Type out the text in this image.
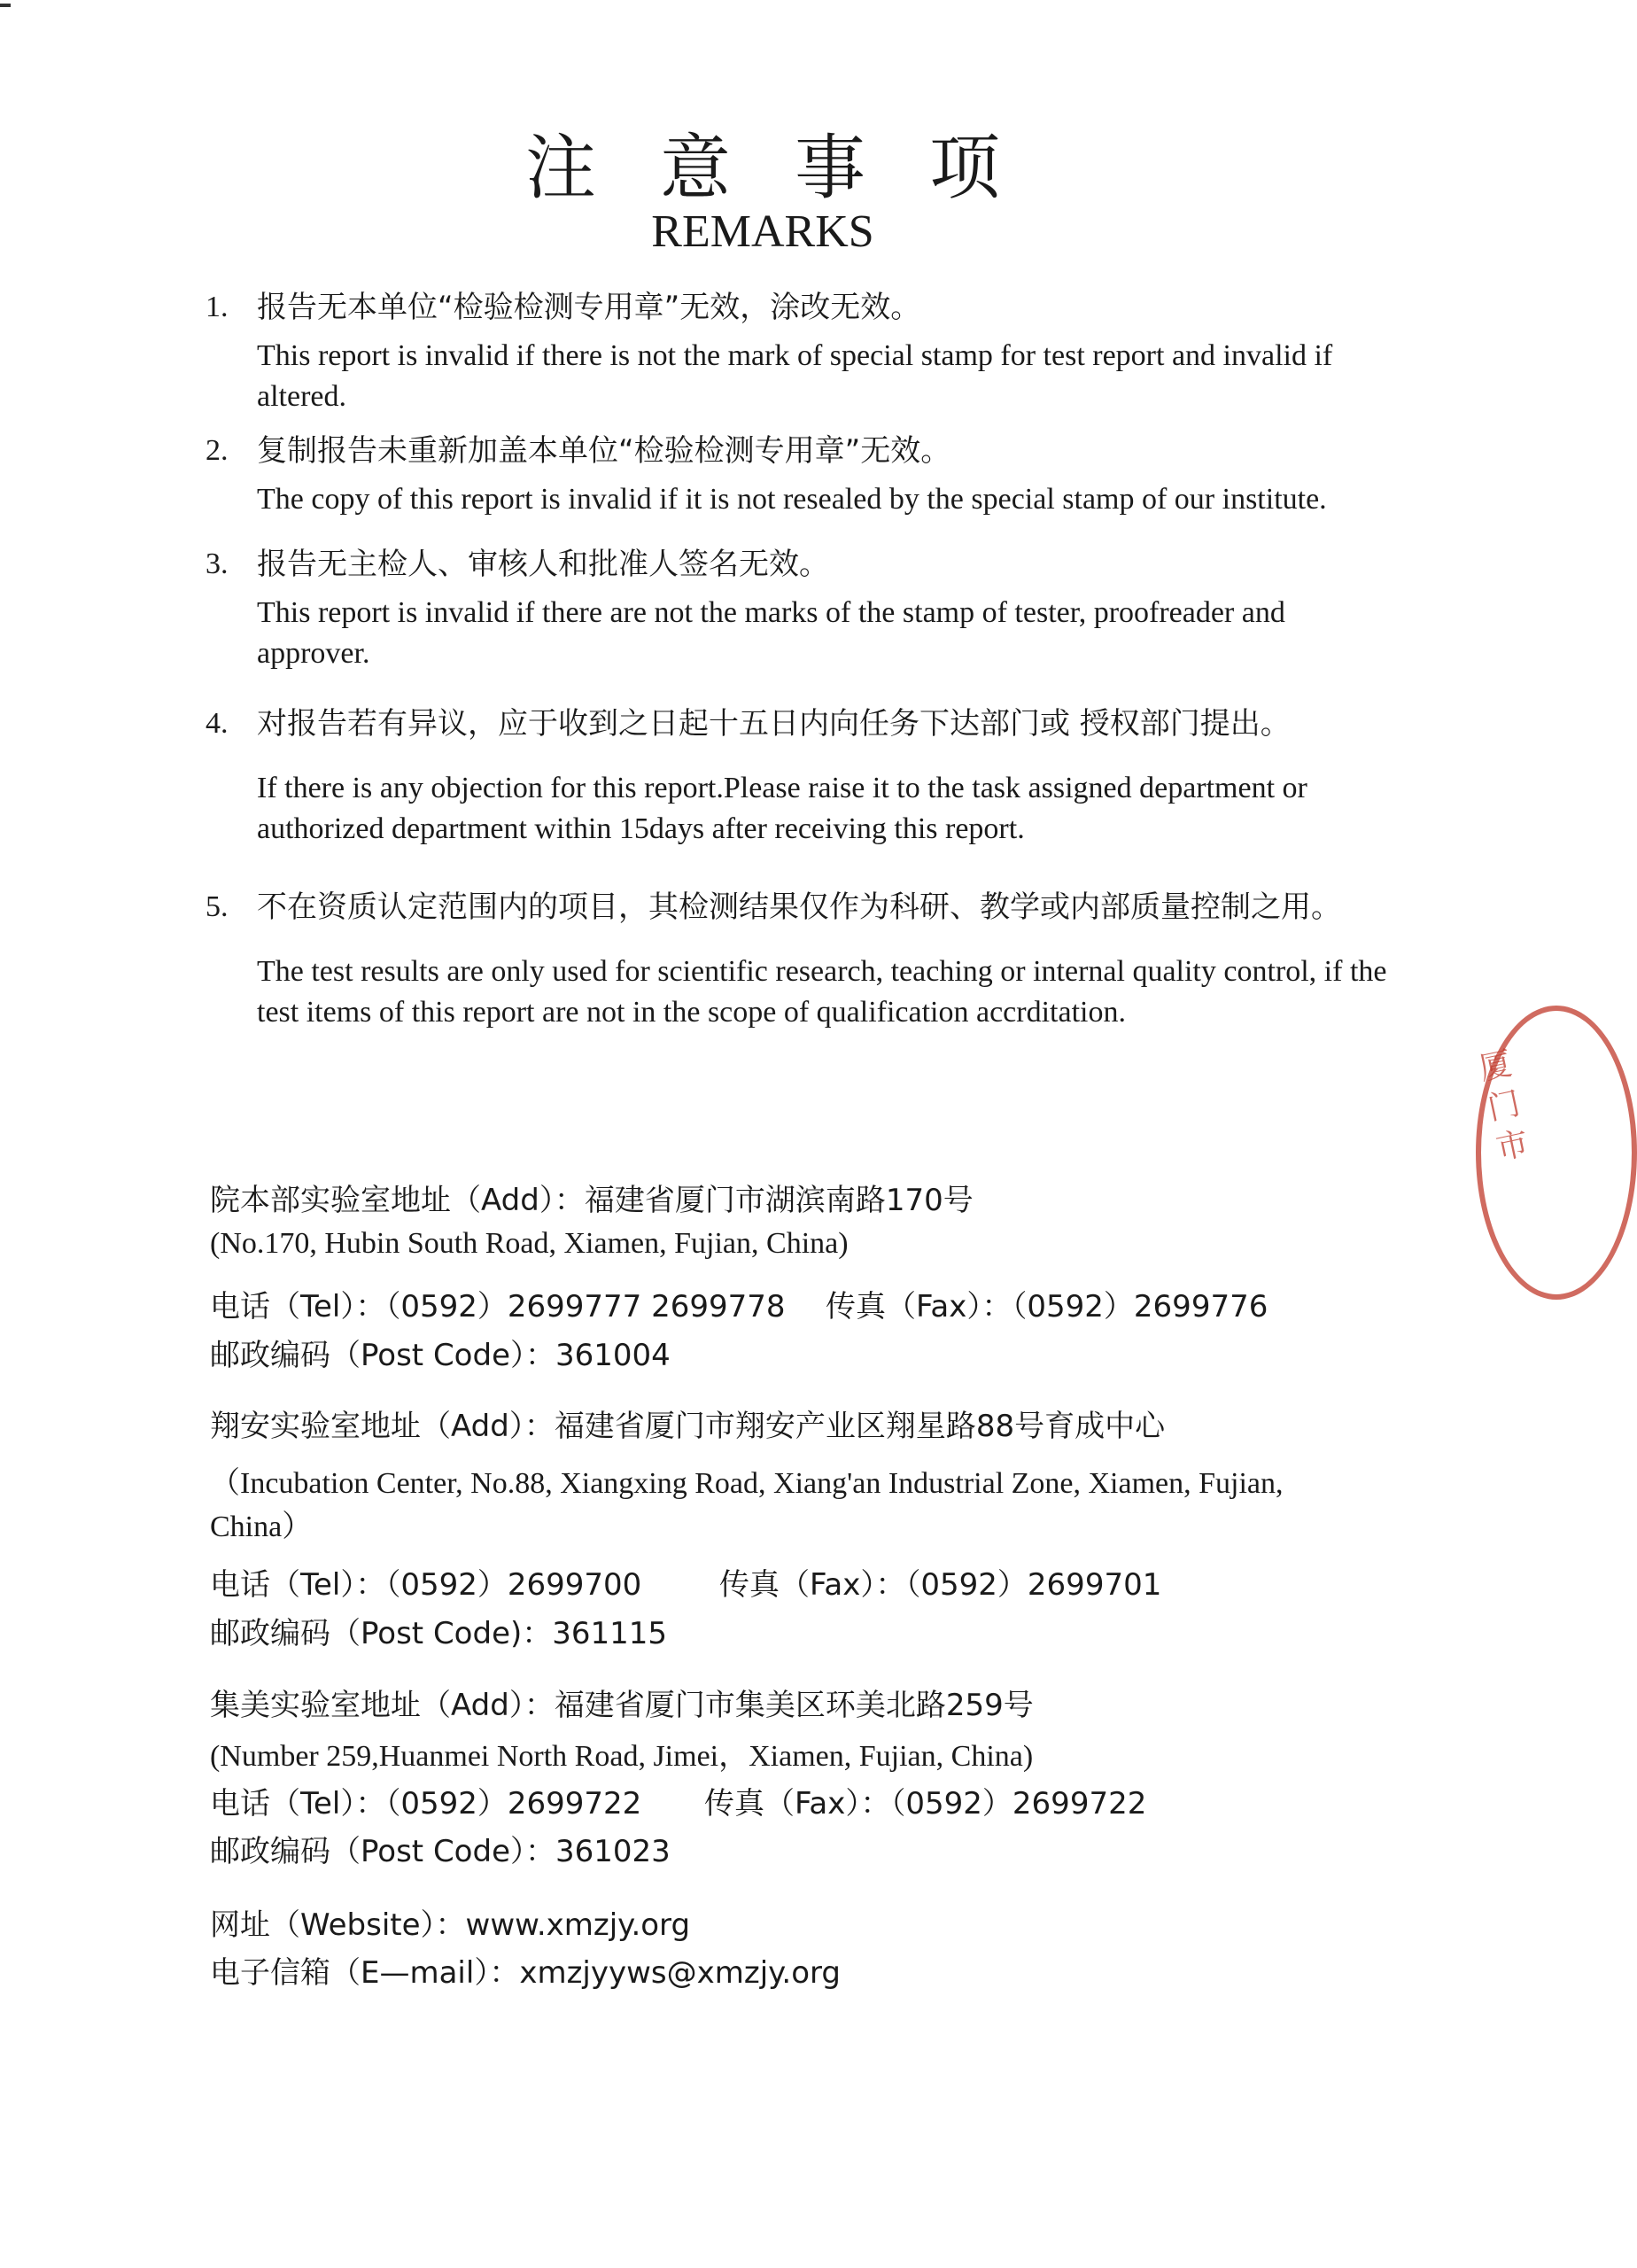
注意事项
REMARKS
1. 报告无本单位“检验检测专用章”无效，涂改无效。
This report is invalid if there is not the mark of special stamp for test report and invalid if altered.
2. 复制报告未重新加盖本单位“检验检测专用章”无效。
The copy of this report is invalid if it is not resealed by the special stamp of our institute.
3. 报告无主检人、审核人和批准人签名无效。
This report is invalid if there are not the marks of the stamp of tester, proofreader and approver.
4. 对报告若有异议，应于收到之日起十五日内向任务下达部门或 授权部门提出。
If there is any objection for this report.Please raise it to the task assigned department or authorized department within 15days after receiving this report.
5. 不在资质认定范围内的项目，其检测结果仅作为科研、教学或内部质量控制之用。
The test results are only used for scientific research, teaching or internal quality control, if the test items of this report are not in the scope of qualification accrditation.
院本部实验室地址（Add）：福建省厦门市湖滨南路170号
(No.170, Hubin South Road, Xiamen, Fujian, China)
电话（Tel）：（0592）2699777 2699778 传真（Fax）：（0592）2699776
邮政编码（Post Code）：361004
翔安实验室地址（Add）：福建省厦门市翔安产业区翔星路88号育成中心
（Incubation Center, No.88, Xiangxing Road, Xiang'an Industrial Zone, Xiamen, Fujian, China）
电话（Tel）：（0592）2699700	传真（Fax）：（0592）2699701
邮政编码（Post Code)：361115
集美实验室地址（Add）：福建省厦门市集美区环美北路259号
(Number 259,Huanmei North Road, Jimei，Xiamen, Fujian, China)
电话（Tel）：（0592）2699722 传真（Fax）：（0592）2699722
邮政编码（Post Code）：361023
网址（Website）：www.xmzjy.org
电子信箱（E—mail）：xmzjyyws@xmzjy.org
厦门市
